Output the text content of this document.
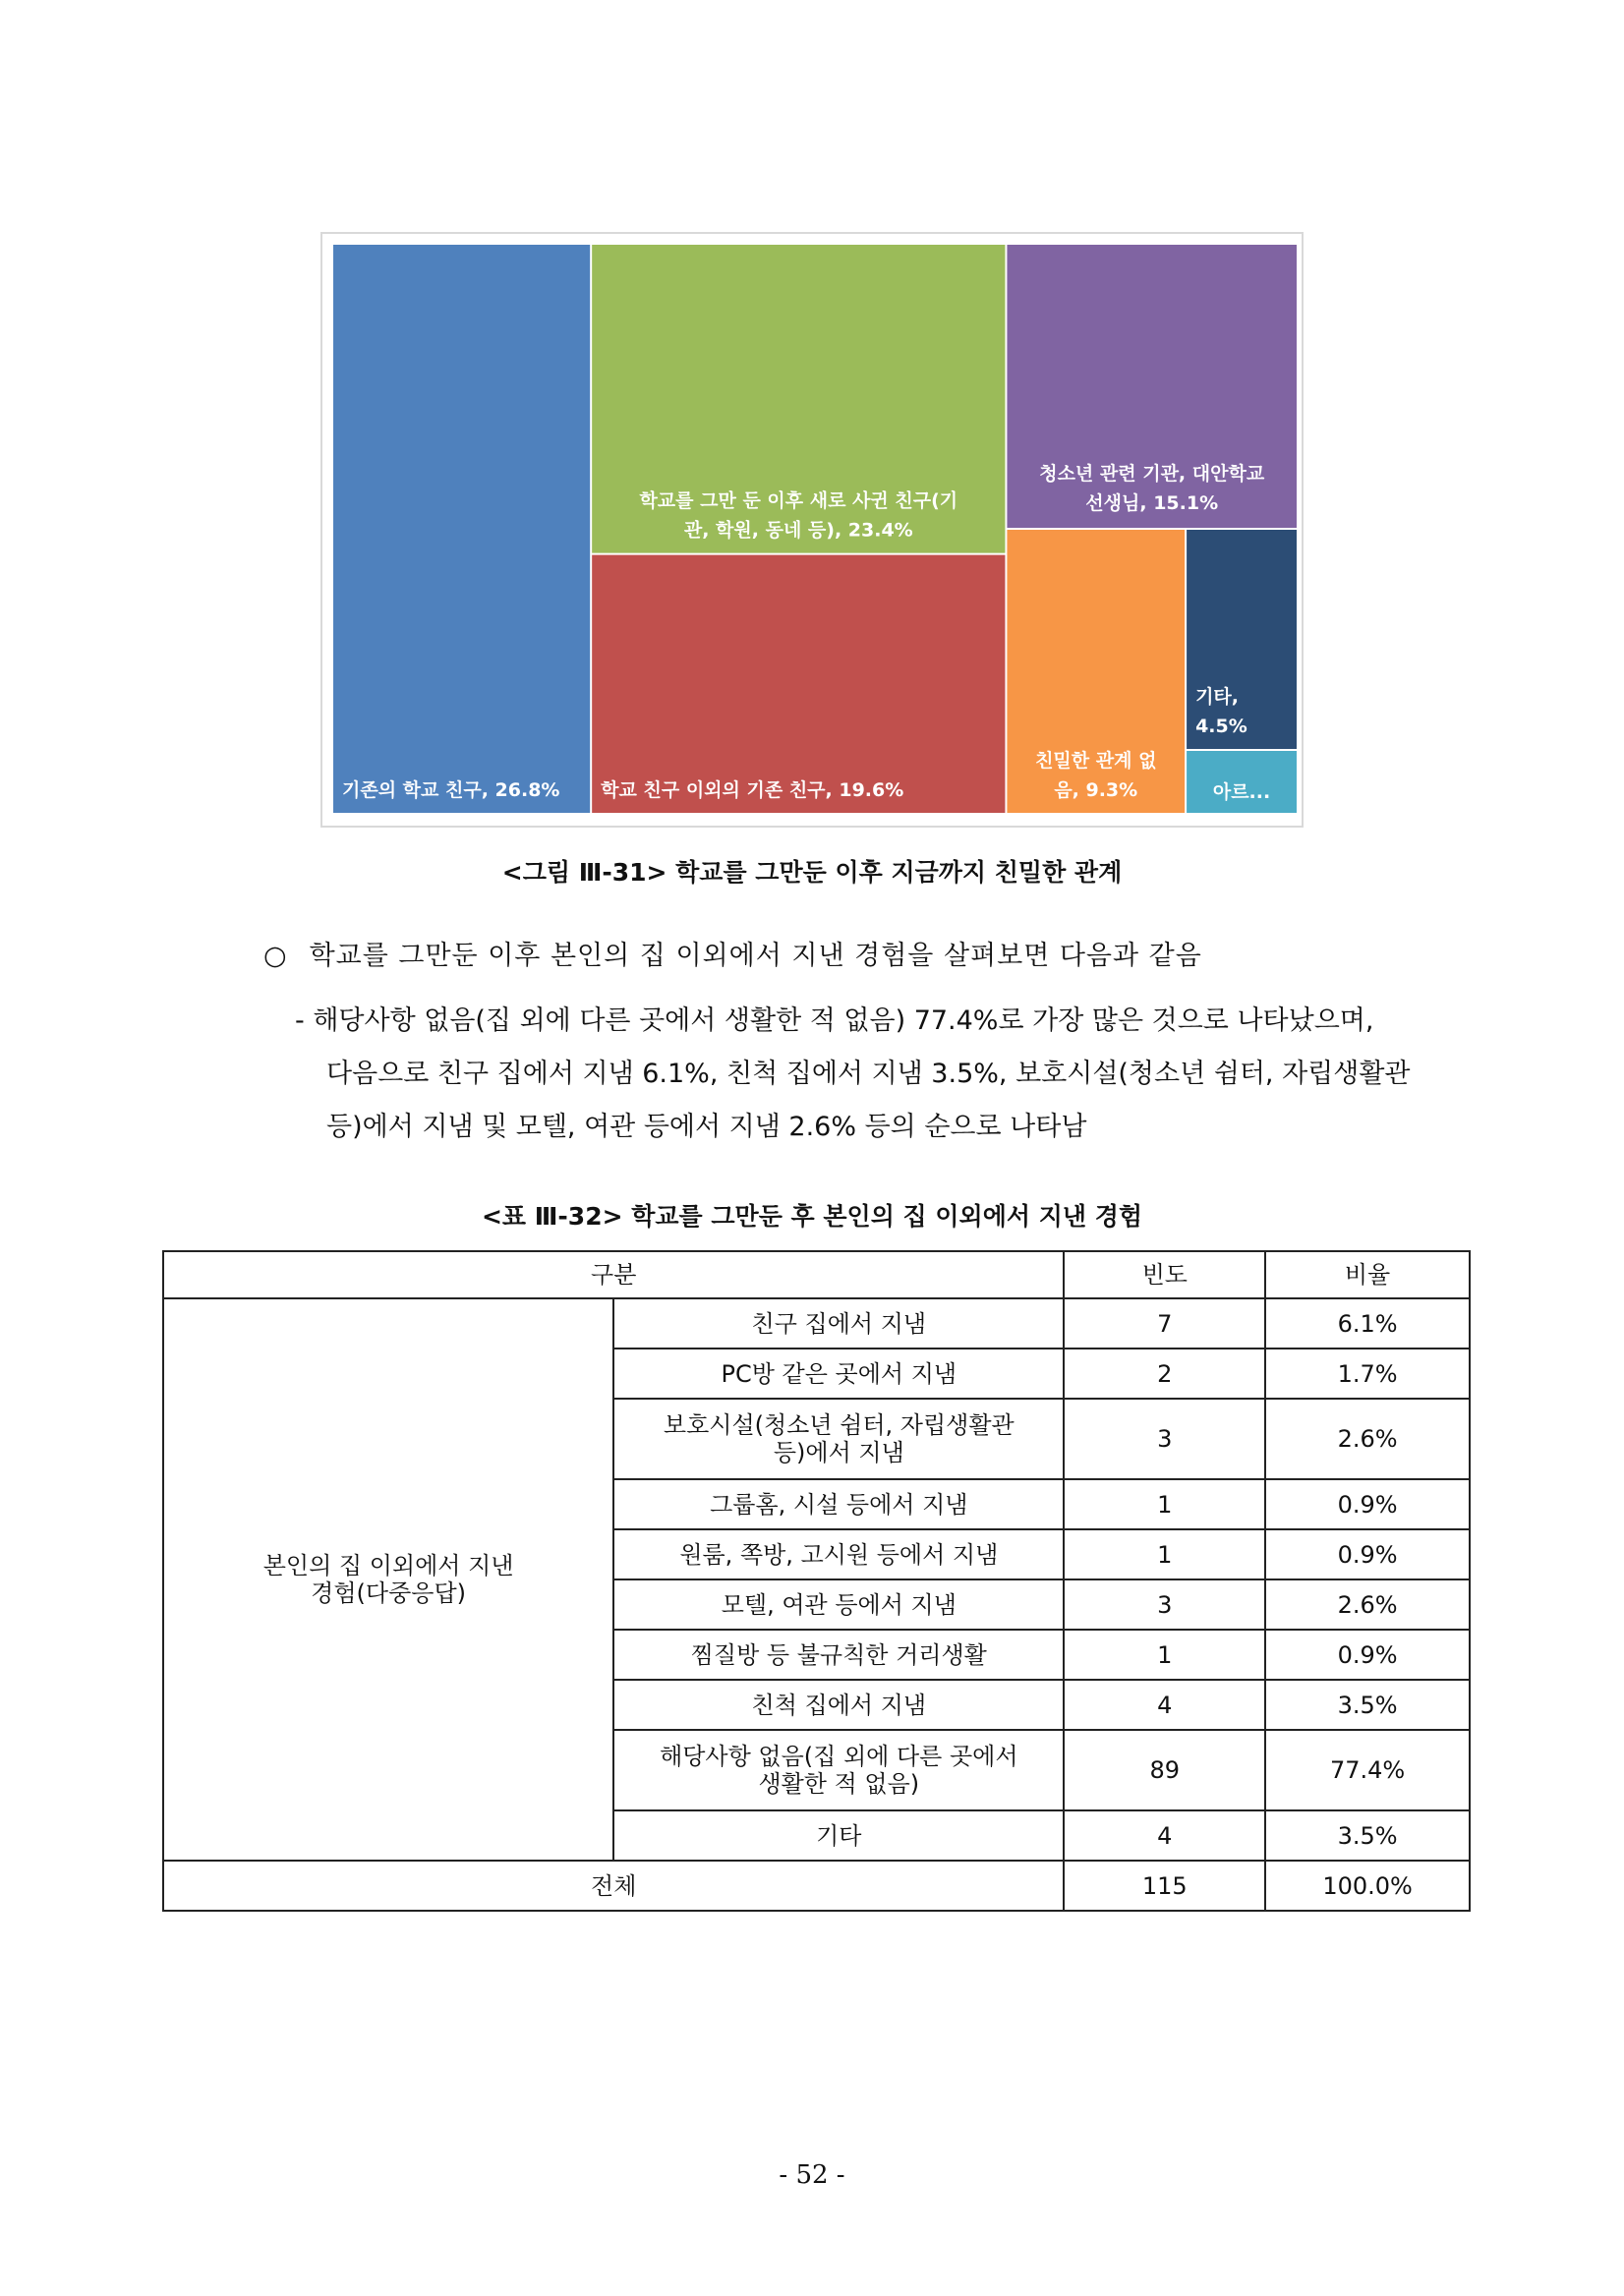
기존의 학교 친구, 26.8%
학교를 그만 둔 이후 새로 사귄 친구(기 관, 학원, 동네 등), 23.4%
학교 친구 이외의 기존 친구, 19.6%
청소년 관련 기관, 대안학교 선생님, 15.1%
친밀한 관계 없 음, 9.3%
기타, 4.5%
아르...
<그림 Ⅲ-31> 학교를 그만둔 이후 지금까지 친밀한 관계
○ 학교를 그만둔 이후 본인의 집 이외에서 지낸 경험을 살펴보면 다음과 같음
- 해당사항 없음(집 외에 다른 곳에서 생활한 적 없음) 77.4%로 가장 많은 것으로 나타났으며,
다음으로 친구 집에서 지냄 6.1%, 친척 집에서 지냄 3.5%, 보호시설(청소년 쉼터, 자립생활관
등)에서 지냄 및 모텔, 여관 등에서 지냄 2.6% 등의 순으로 나타남
<표 Ⅲ-32> 학교를 그만둔 후 본인의 집 이외에서 지낸 경험
구분		빈도	비율
본인의 집 이외에서 지낸
경험(다중응답)	친구 집에서 지냄	7	6.1%
	PC방 같은 곳에서 지냄	2	1.7%
	보호시설(청소년 쉼터, 자립생활관
등)에서 지냄	3	2.6%
	그룹홈, 시설 등에서 지냄	1	0.9%
	원룸, 쪽방, 고시원 등에서 지냄	1	0.9%
	모텔, 여관 등에서 지냄	3	2.6%
	찜질방 등 불규칙한 거리생활	1	0.9%
	친척 집에서 지냄	4	3.5%
	해당사항 없음(집 외에 다른 곳에서
생활한 적 없음)	89	77.4%
	기타	4	3.5%
전체		115	100.0%
- 52 -
